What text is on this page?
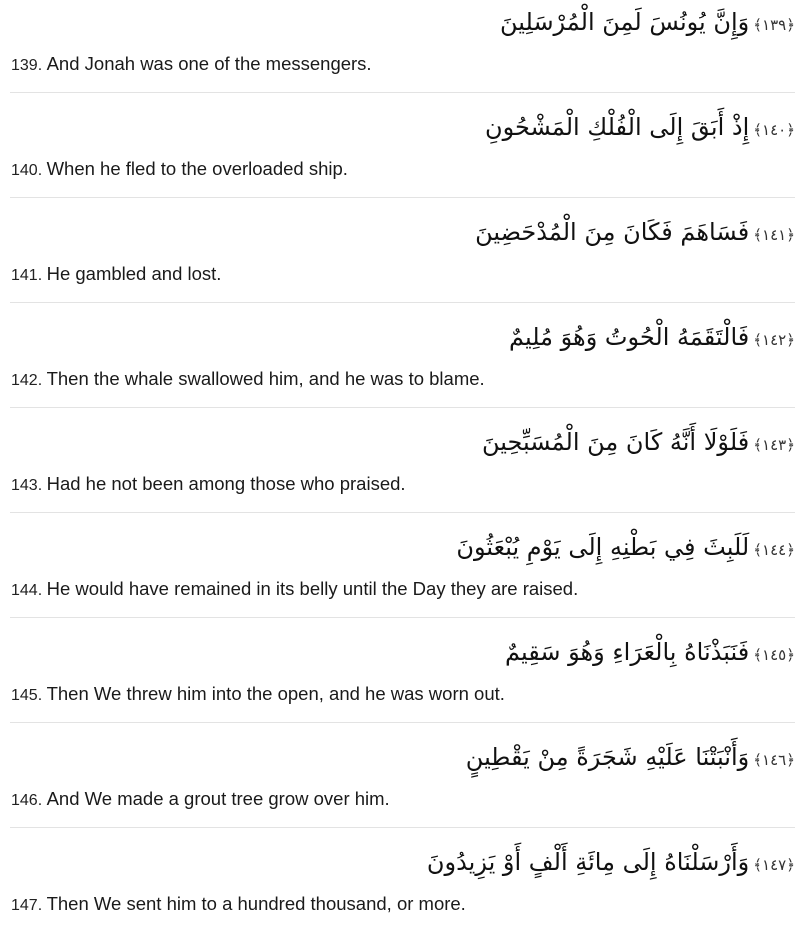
﴿١٣٩﴾وَإِنَّ يُونُسَ لَمِنَ الْمُرْسَلِينَ
139. And Jonah was one of the messengers.
﴿١٤٠﴾إِذْ أَبَقَ إِلَى الْفُلْكِ الْمَشْحُونِ
140. When he fled to the overloaded ship.
﴿١٤١﴾فَسَاهَمَ فَكَانَ مِنَ الْمُدْحَضِينَ
141. He gambled and lost.
﴿١٤٢﴾فَالْتَقَمَهُ الْحُوتُ وَهُوَ مُلِيمٌ
142. Then the whale swallowed him, and he was to blame.
﴿١٤٣﴾فَلَوْلَا أَنَّهُ كَانَ مِنَ الْمُسَبِّحِينَ
143. Had he not been among those who praised.
﴿١٤٤﴾لَلَبِثَ فِي بَطْنِهِ إِلَى يَوْمِ يُبْعَثُونَ
144. He would have remained in its belly until the Day they are raised.
﴿١٤٥﴾فَنَبَذْنَاهُ بِالْعَرَاءِ وَهُوَ سَقِيمٌ
145. Then We threw him into the open, and he was worn out.
﴿١٤٦﴾وَأَنْبَتْنَا عَلَيْهِ شَجَرَةً مِنْ يَقْطِينٍ
146. And We made a grout tree grow over him.
﴿١٤٧﴾وَأَرْسَلْنَاهُ إِلَى مِائَةِ أَلْفٍ أَوْ يَزِيدُونَ
147. Then We sent him to a hundred thousand, or more.
